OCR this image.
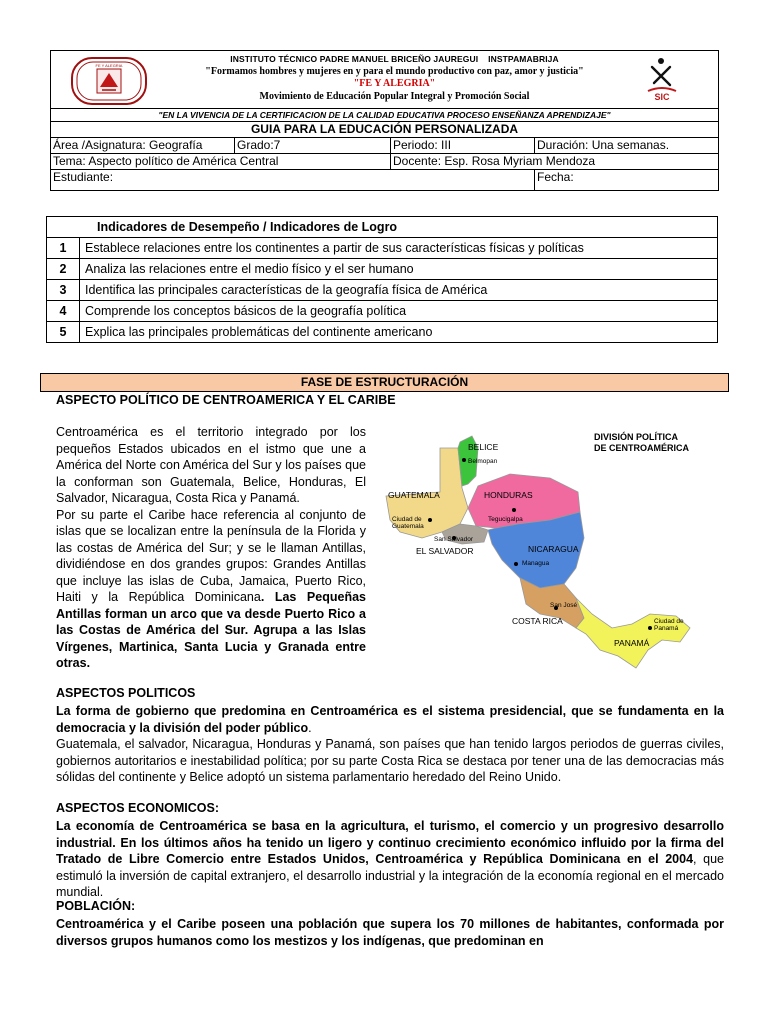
FE Y ALEGRIA
INSTITUTO TÉCNICO PADRE MANUEL BRICEÑO JAUREGUI INSTPAMABRIJA
"Formamos hombres y mujeres en y para el mundo productivo con paz, amor y justicia"
"FE Y ALEGRIA"
Movimiento de Educación Popular Integral y Promoción Social	SIC
"EN LA VIVENCIA DE LA CERTIFICACION DE LA CALIDAD EDUCATIVA PROCESO ENSEÑANZA APRENDIZAJE"
GUIA PARA LA EDUCACIÓN PERSONALIZADA
Área /Asignatura: Geografía	Grado:7	Periodo: III	Duración: Una semanas.
Tema: Aspecto político de América Central	Docente: Esp. Rosa Myriam Mendoza
Estudiante:	Fecha:
Indicadores de Desempeño / Indicadores de Logro
1	Establece relaciones entre los continentes a partir de sus características físicas y políticas
2	Analiza las relaciones entre el medio físico y el ser humano
3	Identifica las principales características de la geografía física de América
4	Comprende los conceptos básicos de la geografía política
5	Explica las principales problemáticas del continente americano
FASE DE ESTRUCTURACIÓN
ASPECTO POLÍTICO DE CENTROAMERICA Y EL CARIBE
Centroamérica es el territorio integrado por los pequeños Estados ubicados en el istmo que une a América del Norte con América del Sur y los países que la conforman son Guatemala, Belice, Honduras, El Salvador, Nicaragua, Costa Rica y Panamá.
Por su parte el Caribe hace referencia al conjunto de islas que se localizan entre la península de la Florida y las costas de América del Sur; y se le llaman Antillas, dividiéndose en dos grandes grupos: Grandes Antillas que incluye las islas de Cuba, Jamaica, Puerto Rico, Haiti y la República Dominicana. Las Pequeñas Antillas forman un arco que va desde Puerto Rico a las Costas de América del Sur. Agrupa a las Islas Vírgenes, Martinica, Santa Lucia y Granada entre otras.
DIVISIÓN POLÍTICA
DE CENTROAMÉRICA
BELICE
GUATEMALA	HONDURAS
EL SALVADOR	NICARAGUA
COSTA RICA
PANAMÁ
Belmopan
Ciudad de
Guatemala
Tegucigalpa
San Salvador
Managua
San José
Ciudad de
Panamá
ASPECTOS POLITICOS
La forma de gobierno que predomina en Centroamérica es el sistema presidencial, que se fundamenta en la democracia y la división del poder público.
Guatemala, el salvador, Nicaragua, Honduras y Panamá, son países que han tenido largos periodos de guerras civiles, gobiernos autoritarios e inestabilidad política; por su parte Costa Rica se destaca por tener una de las democracias más sólidas del continente y Belice adoptó un sistema parlamentario heredado del Reino Unido.
ASPECTOS ECONOMICOS:
La economía de Centroamérica se basa en la agricultura, el turismo, el comercio y un progresivo desarrollo industrial. En los últimos años ha tenido un ligero y continuo crecimiento económico influido por la firma del Tratado de Libre Comercio entre Estados Unidos, Centroamérica y República Dominicana en el 2004, que estimuló la inversión de capital extranjero, el desarrollo industrial y la integración de la economía regional en el mercado mundial.
POBLACIÓN:
Centroamérica y el Caribe poseen una población que supera los 70 millones de habitantes, conformada por diversos grupos humanos como los mestizos y los indígenas, que predominan en
